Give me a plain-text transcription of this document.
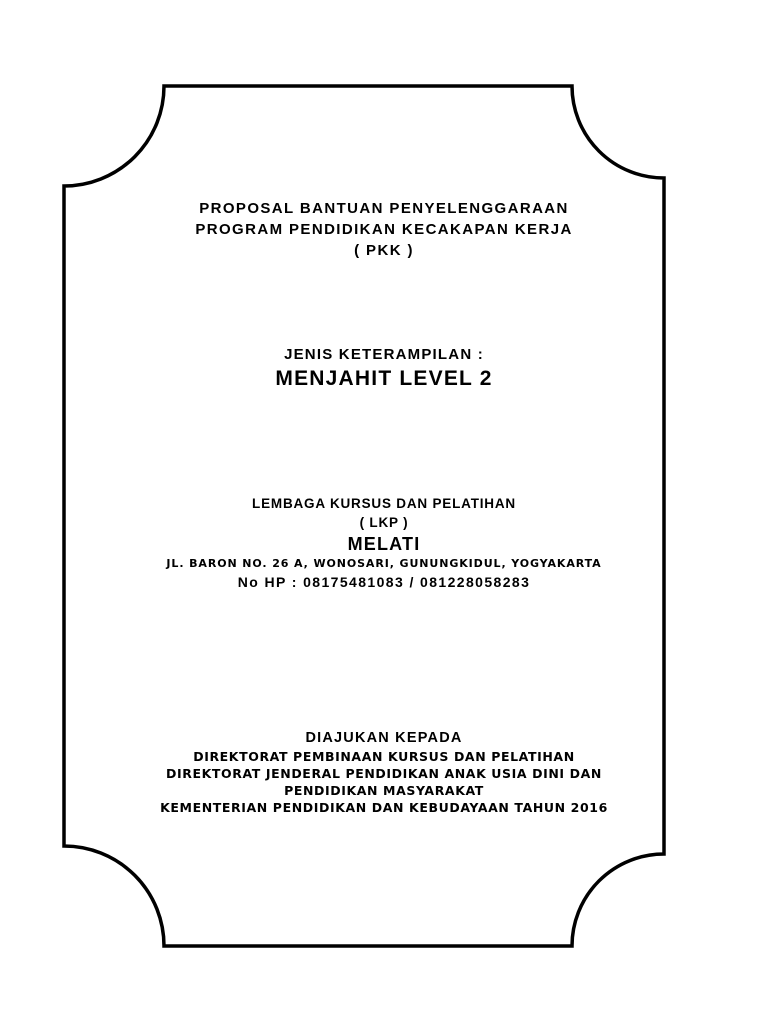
PROPOSAL BANTUAN PENYELENGGARAAN
PROGRAM PENDIDIKAN KECAKAPAN KERJA
( PKK )
JENIS KETERAMPILAN :
MENJAHIT LEVEL 2
LEMBAGA KURSUS DAN PELATIHAN
( LKP )
MELATI
JL. BARON NO. 26 A, WONOSARI, GUNUNGKIDUL, YOGYAKARTA
No HP : 08175481083 / 081228058283
DIAJUKAN KEPADA
DIREKTORAT PEMBINAAN KURSUS DAN PELATIHAN
DIREKTORAT JENDERAL PENDIDIKAN ANAK USIA DINI DAN
PENDIDIKAN MASYARAKAT
KEMENTERIAN PENDIDIKAN DAN KEBUDAYAAN TAHUN 2016
